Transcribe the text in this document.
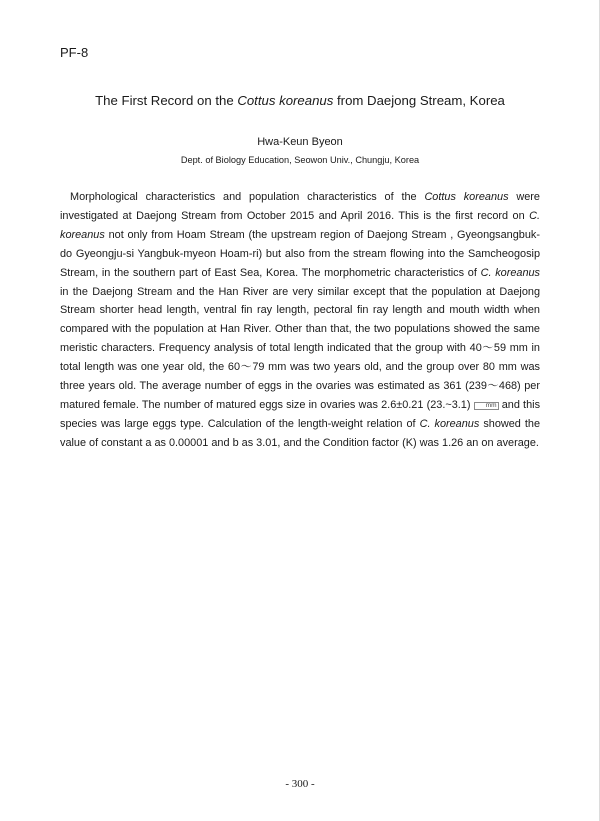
PF-8
The First Record on the Cottus koreanus from Daejong Stream, Korea
Hwa-Keun Byeon
Dept. of Biology Education, Seowon Univ., Chungju, Korea

Morphological characteristics and population characteristics of the Cottus koreanus were investigated at Daejong Stream from October 2015 and April 2016. This is the first record on C. koreanus not only from Hoam Stream (the upstream region of Daejong Stream , Gyeongsangbuk-do Gyeongju-si Yangbuk-myeon Hoam-ri) but also from the stream flowing into the Samcheogosip Stream, in the southern part of East Sea, Korea. The morphometric characteristics of C. koreanus in the Daejong Stream and the Han River are very similar except that the population at Daejong Stream shorter head length, ventral fin ray length, pectoral fin ray length and mouth width when compared with the population at Han River. Other than that, the two populations showed the same meristic characters. Frequency analysis of total length indicated that the group with 40～59 mm in total length was one year old, the 60～79 mm was two years old, and the group over 80 mm was three years old. The average number of eggs in the ovaries was estimated as 361 (239～468) per matured female. The number of matured eggs size in ovaries was 2.6±0.21 (23.~3.1) mm and this species was large eggs type. Calculation of the length-weight relation of C. koreanus showed the value of constant a as 0.00001 and b as 3.01, and the Condition factor (K) was 1.26 an on average.

- 300 -
